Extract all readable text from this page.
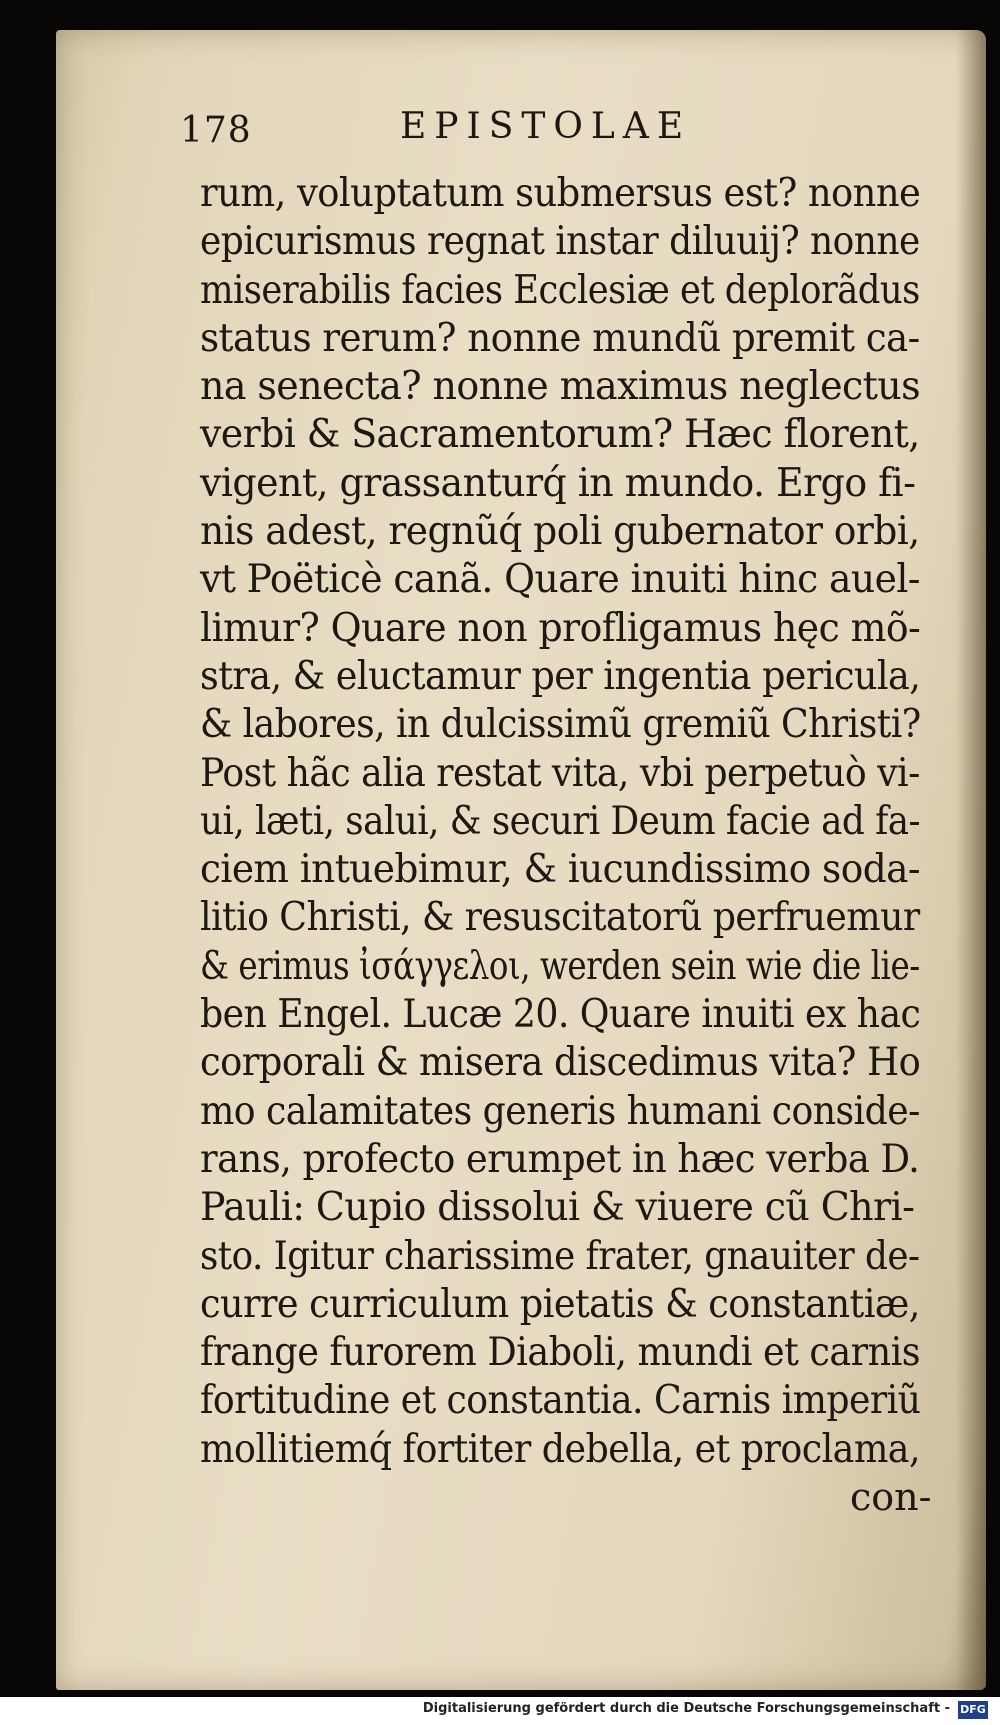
178	EPISTOLAE
rum, voluptatum submersus est? nonne
epicurismus regnat instar diluuij? nonne
miserabilis facies Ecclesiæ et deplorãdus
status rerum? nonne mundũ premit ca-
na senecta? nonne maximus neglectus
verbi & Sacramentorum? Hæc florent,
vigent, grassanturq́ in mundo. Ergo fi-
nis adest, regnũq́ poli gubernator orbi,
vt Poëticè canã. Quare inuiti hinc auel-
limur? Quare non profligamus hęc mõ-
stra, & eluctamur per ingentia pericula,
& labores, in dulcissimũ gremiũ Christi?
Post hãc alia restat vita, vbi perpetuò vi-
ui, læti, salui, & securi Deum facie ad fa-
ciem intuebimur, & iucundissimo soda-
litio Christi, & resuscitatorũ perfruemur
& erimus ἰσάγγελοι, werden sein wie die lie-
ben Engel. Lucæ 20. Quare inuiti ex hac
corporali & misera discedimus vita? Ho
mo calamitates generis humani conside-
rans, profecto erumpet in hæc verba D.
Pauli: Cupio dissolui & viuere cũ Chri-
sto. Igitur charissime frater, gnauiter de-
curre curriculum pietatis & constantiæ,
frange furorem Diaboli, mundi et carnis
fortitudine et constantia. Carnis imperiũ
mollitiemq́ fortiter debella, et proclama,
con-
Digitalisierung gefördert durch die Deutsche Forschungsgemeinschaft - DFG
